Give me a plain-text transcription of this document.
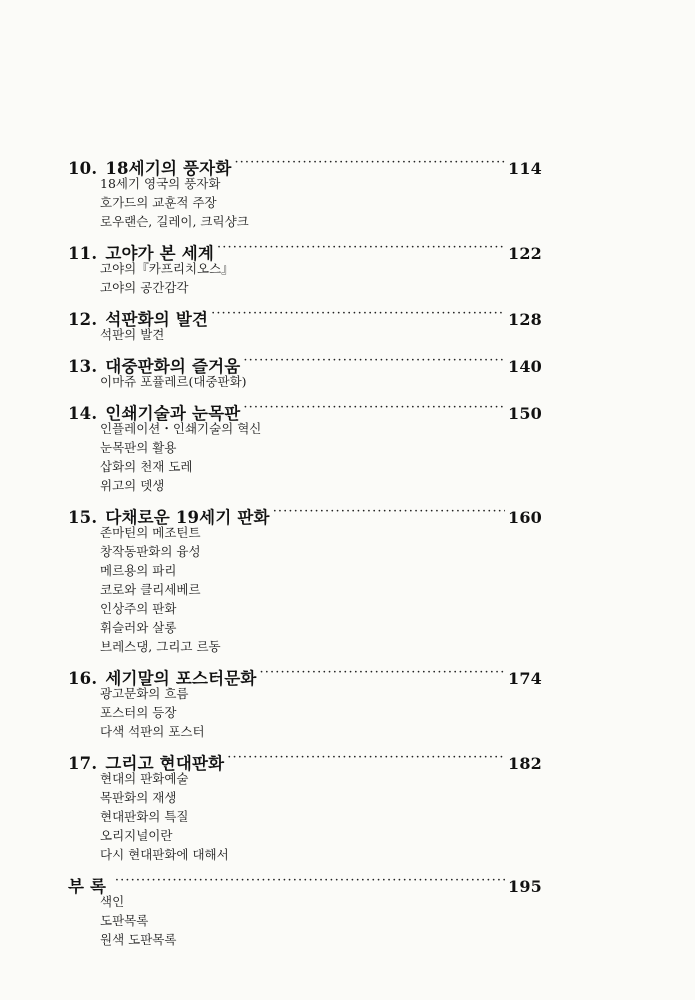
10. 18세기의 풍자화 ·····	114
18세기 영국의 풍자화
호가드의 교훈적 주장
로우랜슨, 길레이, 크릭샹크
11. 고야가 본 세계 ·····	122
고야의『카프리치오스』
고야의 공간감각
12. 석판화의 발견 ·····	128
석판의 발견
13. 대중판화의 즐거움 ·····	140
이마쥬 포퓰레르(대중판화)
14. 인쇄기술과 눈목판 ·····	150
인플레이션・인쇄기술의 혁신
눈목판의 활용
삽화의 천재 도레
위고의 뎃생
15. 다채로운 19세기 판화 ·····	160
존마틴의 메조틴트
창작동판화의 융성
메르용의 파리
코로와 클리세베르
인상주의 판화
휘슬러와 살롱
브레스댕, 그리고 르동
16. 세기말의 포스터문화 ·····	174
광고문화의 흐름
포스터의 등장
다색 석판의 포스터
17. 그리고 현대판화 ·····	182
현대의 판화예술
목판화의 재생
현대판화의 특질
오리지널이란
다시 현대판화에 대해서
부록 ·····	195
색인
도판목록
원색 도판목록
